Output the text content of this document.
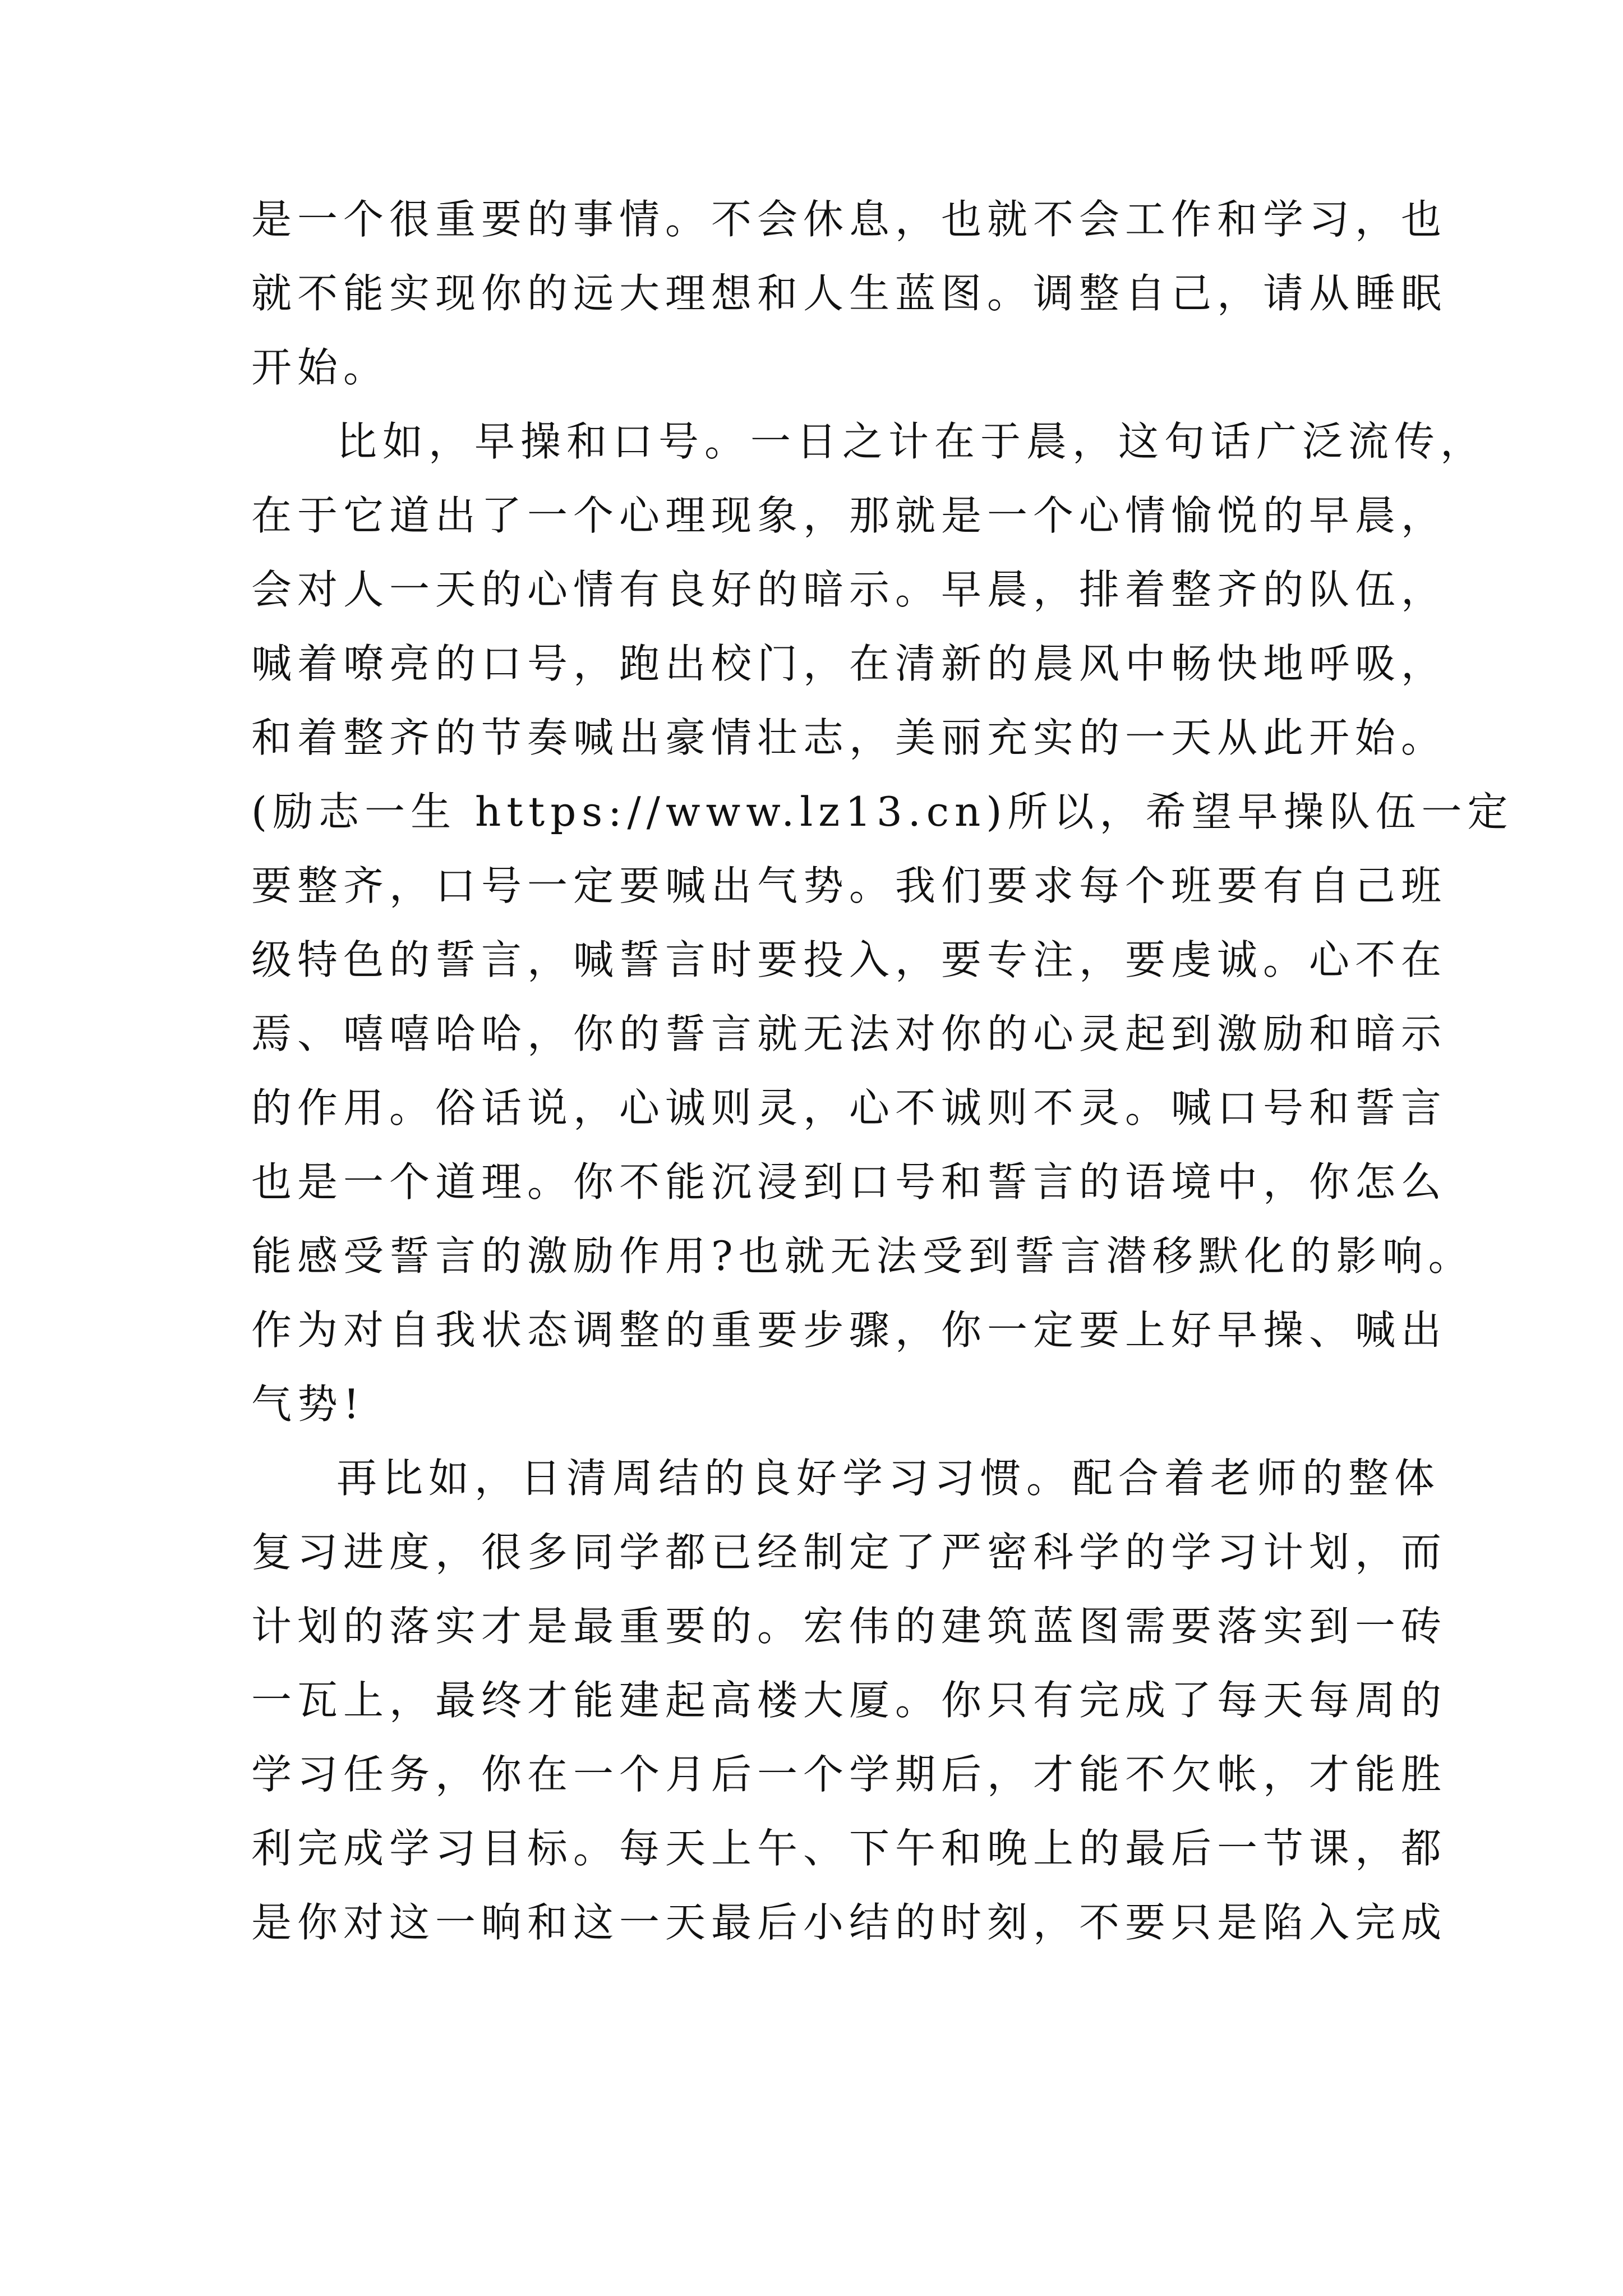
是一个很重要的事情。不会休息，也就不会工作和学习，也
就不能实现你的远大理想和人生蓝图。调整自己，请从睡眠
开始。
比如，早操和口号。一日之计在于晨，这句话广泛流传，
在于它道出了一个心理现象，那就是一个心情愉悦的早晨，
会对人一天的心情有良好的暗示。早晨，排着整齐的队伍，
喊着嘹亮的口号，跑出校门，在清新的晨风中畅快地呼吸，
和着整齐的节奏喊出豪情壮志，美丽充实的一天从此开始。
(励志一生 https://www.lz13.cn)所以，希望早操队伍一定
要整齐，口号一定要喊出气势。我们要求每个班要有自己班
级特色的誓言，喊誓言时要投入，要专注，要虔诚。心不在
焉、嘻嘻哈哈，你的誓言就无法对你的心灵起到激励和暗示
的作用。俗话说，心诚则灵，心不诚则不灵。喊口号和誓言
也是一个道理。你不能沉浸到口号和誓言的语境中，你怎么
能感受誓言的激励作用?也就无法受到誓言潜移默化的影响。
作为对自我状态调整的重要步骤，你一定要上好早操、喊出
气势!
再比如，日清周结的良好学习习惯。配合着老师的整体
复习进度，很多同学都已经制定了严密科学的学习计划，而
计划的落实才是最重要的。宏伟的建筑蓝图需要落实到一砖
一瓦上，最终才能建起高楼大厦。你只有完成了每天每周的
学习任务，你在一个月后一个学期后，才能不欠帐，才能胜
利完成学习目标。每天上午、下午和晚上的最后一节课，都
是你对这一晌和这一天最后小结的时刻，不要只是陷入完成
